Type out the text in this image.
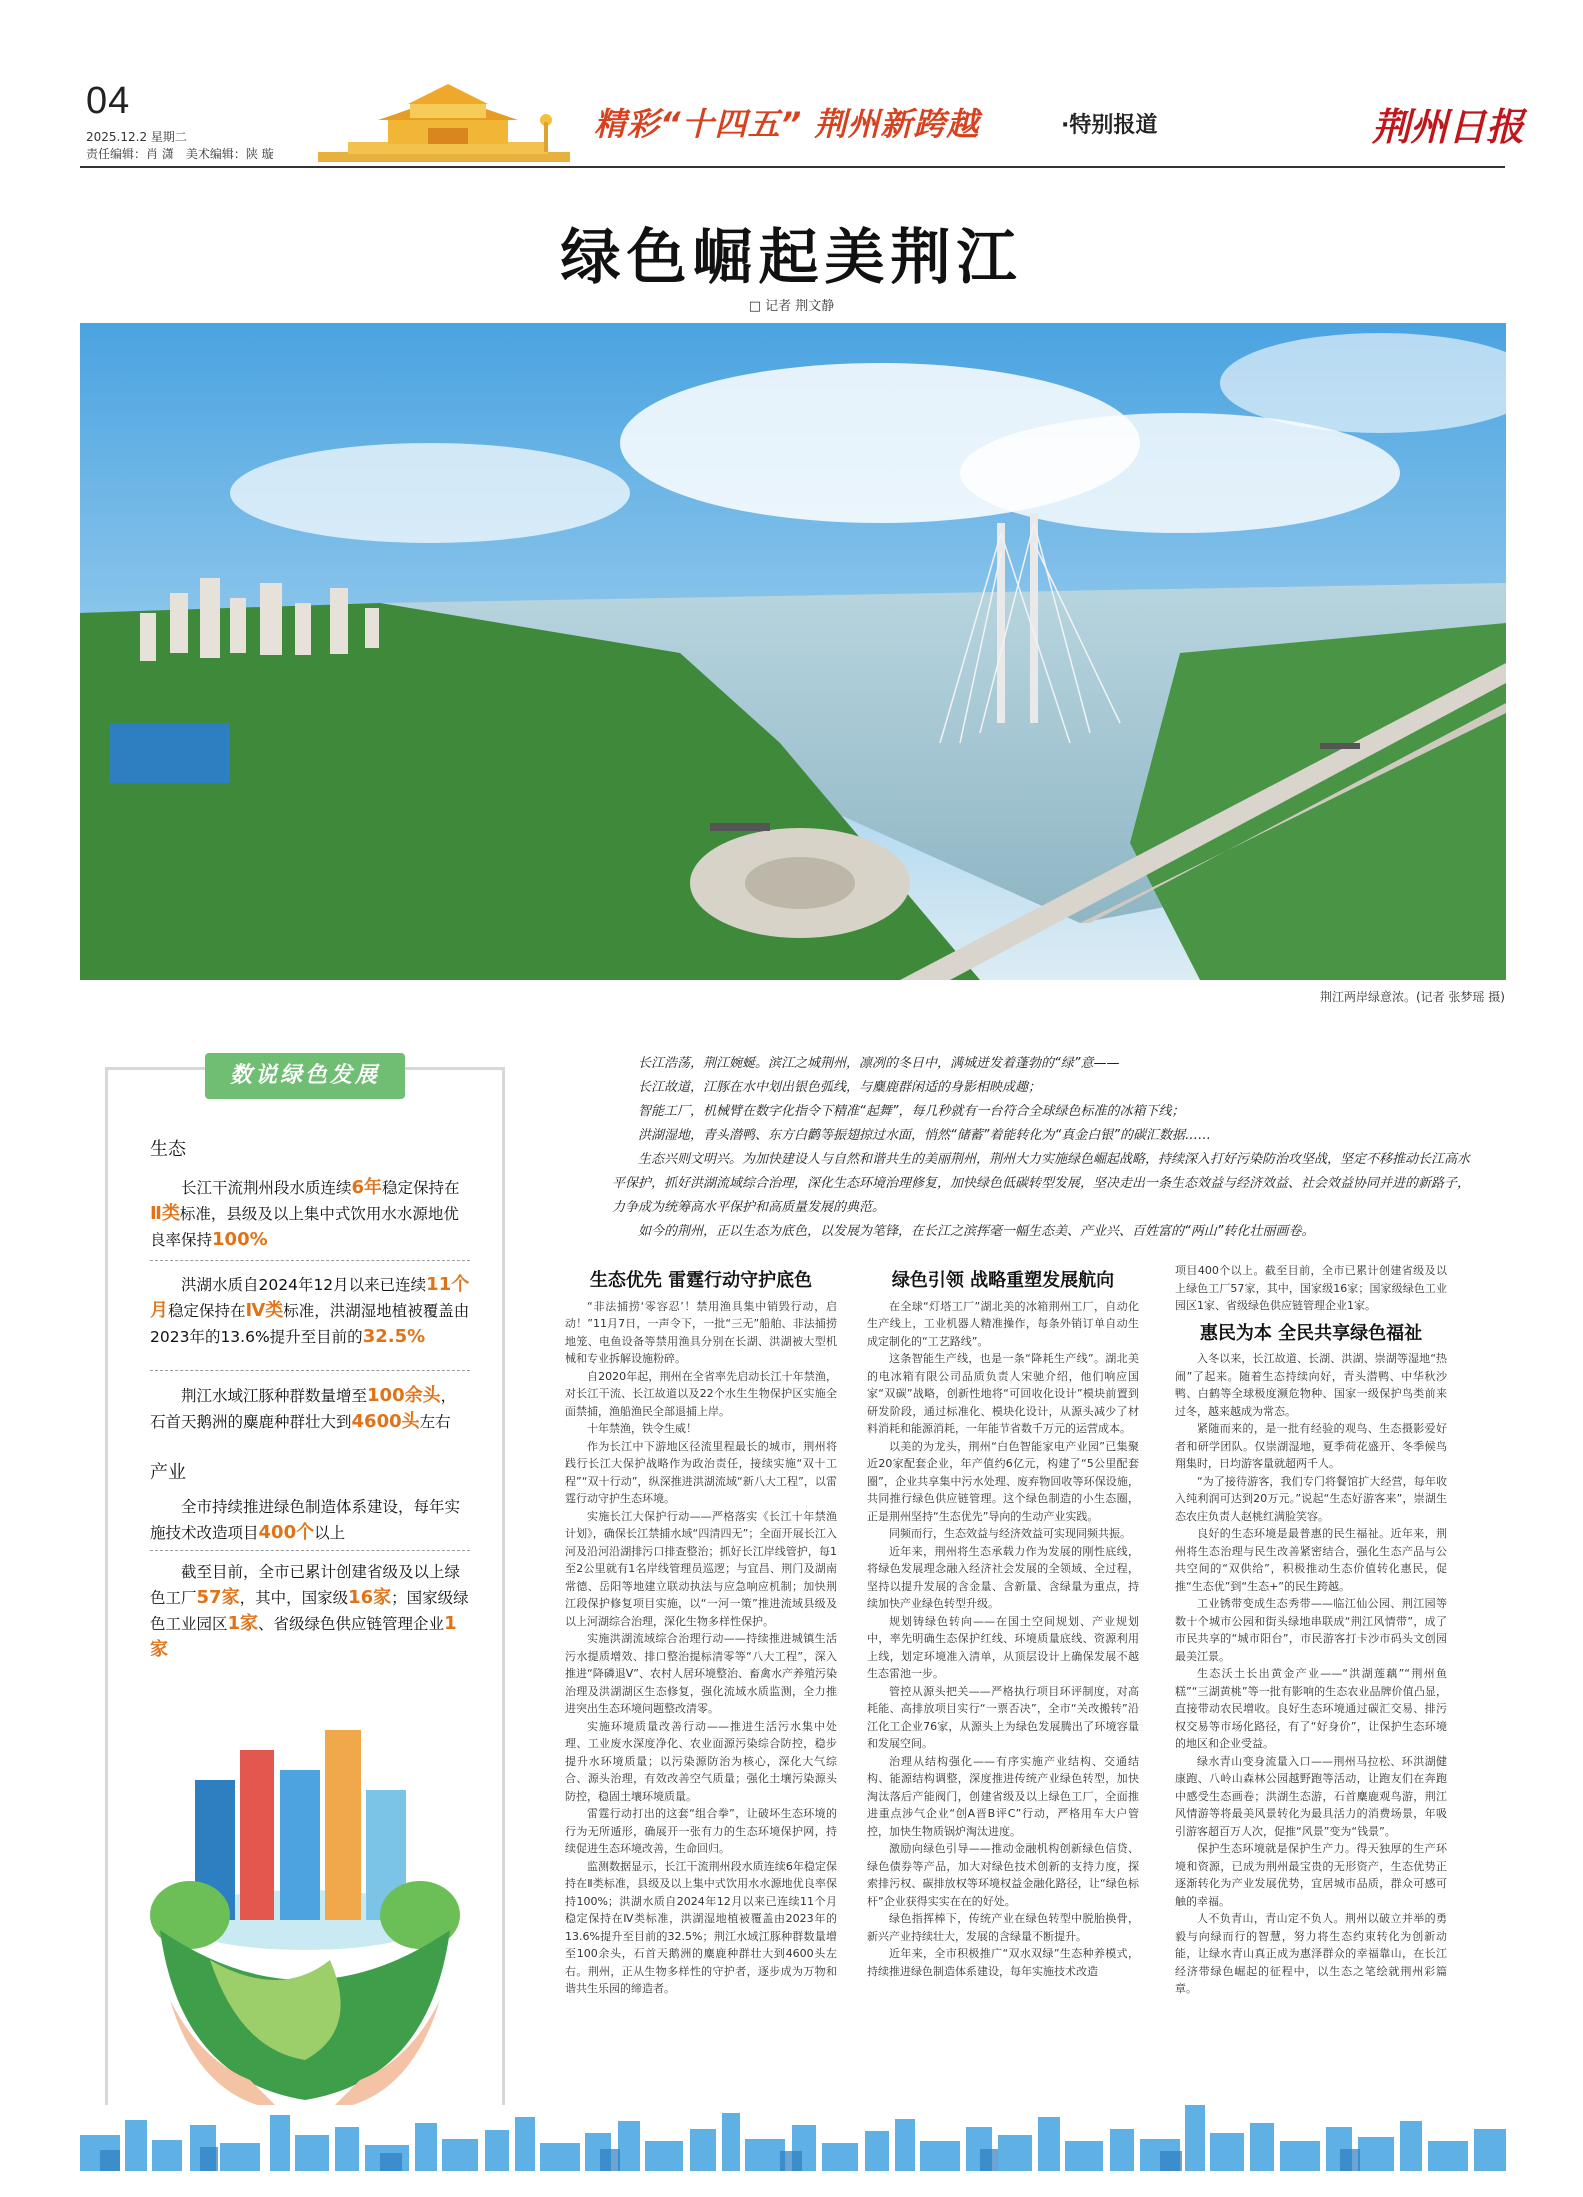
04
2025.12.2 星期二
责任编辑：肖 潇　美术编辑：陕 璇
精彩“十四五” 荆州新跨越	·特别报道	荆州日报
绿色崛起美荆江
□ 记者 荆文静
荆江两岸绿意浓。(记者 张梦瑶 摄)
数说绿色发展
生态
长江干流荆州段水质连续6年稳定保持在Ⅱ类标准，县级及以上集中式饮用水水源地优良率保持100%
洪湖水质自2024年12月以来已连续11个月稳定保持在Ⅳ类标准，洪湖湿地植被覆盖由2023年的13.6%提升至目前的32.5%
荆江水域江豚种群数量增至100余头，石首天鹅洲的麋鹿种群壮大到4600头左右
产业
全市持续推进绿色制造体系建设，每年实施技术改造项目400个以上
截至目前，全市已累计创建省级及以上绿色工厂57家，其中，国家级16家；国家级绿色工业园区1家、省级绿色供应链管理企业1家

长江浩荡，荆江婉蜒。滨江之城荆州，凛冽的冬日中，满城迸发着蓬勃的“绿”意——

长江故道，江豚在水中划出银色弧线，与麋鹿群闲适的身影相映成趣；

智能工厂，机械臂在数字化指令下精准“起舞”，每几秒就有一台符合全球绿色标准的冰箱下线；

洪湖湿地，青头潜鸭、东方白鹳等振翅掠过水面，悄然“储蓄”着能转化为“真金白银”的碳汇数据……

生态兴则文明兴。为加快建设人与自然和谐共生的美丽荆州，荆州大力实施绿色崛起战略，持续深入打好污染防治攻坚战，坚定不移推动长江高水平保护，抓好洪湖流域综合治理，深化生态环境治理修复，加快绿色低碳转型发展，坚决走出一条生态效益与经济效益、社会效益协同并进的新路子，力争成为统筹高水平保护和高质量发展的典范。

如今的荆州，正以生态为底色，以发展为笔锋，在长江之滨挥毫一幅生态美、产业兴、百姓富的“两山”转化壮丽画卷。

生态优先 雷霆行动守护底色

“非法捕捞‘零容忍’！禁用渔具集中销毁行动，启动！”11月7日，一声令下，一批“三无”船舶、非法捕捞地笼、电鱼设备等禁用渔具分别在长湖、洪湖被大型机械和专业拆解设施粉碎。

自2020年起，荆州在全省率先启动长江十年禁渔，对长江干流、长江故道以及22个水生生物保护区实施全面禁捕，渔船渔民全部退捕上岸。

十年禁渔，铁令生威！

作为长江中下游地区径流里程最长的城市，荆州将践行长江大保护战略作为政治责任，接续实施“双十工程”“双十行动”，纵深推进洪湖流域“新八大工程”，以雷霆行动守护生态环境。

实施长江大保护行动——严格落实《长江十年禁渔计划》，确保长江禁捕水域“四清四无”；全面开展长江入河及沿河沿湖排污口排查整治；抓好长江岸线管护，每1至2公里就有1名岸线管理员巡逻；与宜昌、荆门及湖南常德、岳阳等地建立联动执法与应急响应机制；加快荆江段保护修复项目实施，以“一河一策”推进流域县级及以上河湖综合治理，深化生物多样性保护。

实施洪湖流域综合治理行动——持续推进城镇生活污水提质增效、排口整治提标清零等“八大工程”，深入推进“降磷退Ⅴ”、农村人居环境整治、畜禽水产养殖污染治理及洪湖湖区生态修复，强化流域水质监测，全力推进突出生态环境问题整改清零。

实施环境质量改善行动——推进生活污水集中处理、工业废水深度净化、农业面源污染综合防控，稳步提升水环境质量；以污染源防治为核心，深化大气综合、源头治理，有效改善空气质量；强化土壤污染源头防控，稳固土壤环境质量。

雷霆行动打出的这套“组合拳”，让破坏生态环境的行为无所遁形，确展开一张有力的生态环境保护网，持续促进生态环境改善，生命回归。

监测数据显示，长江干流荆州段水质连续6年稳定保持在Ⅱ类标准，县级及以上集中式饮用水水源地优良率保持100%；洪湖水质自2024年12月以来已连续11个月稳定保持在Ⅳ类标准，洪湖湿地植被覆盖由2023年的13.6%提升至目前的32.5%；荆江水域江豚种群数量增至100余头，石首天鹅洲的麋鹿种群壮大到4600头左右。荆州，正从生物多样性的守护者，逐步成为万物和谐共生乐园的缔造者。

绿色引领 战略重塑发展航向

在全球“灯塔工厂”湖北美的冰箱荆州工厂，自动化生产线上，工业机器人精准操作，每条外销订单自动生成定制化的“工艺路线”。

这条智能生产线，也是一条“降耗生产线”。湖北美的电冰箱有限公司品质负责人宋驰介绍，他们响应国家“双碳”战略，创新性地将“可回收化设计”模块前置到研发阶段，通过标准化、模块化设计，从源头减少了材料消耗和能源消耗，一年能节省数千万元的运营成本。

以美的为龙头，荆州“白色智能家电产业园”已集聚近20家配套企业，年产值约6亿元，构建了“5公里配套圈”，企业共享集中污水处理、废弃物回收等环保设施，共同推行绿色供应链管理。这个绿色制造的小生态圈，正是荆州坚持“生态优先”导向的生动产业实践。

同频而行，生态效益与经济效益可实现同频共振。

近年来，荆州将生态承载力作为发展的刚性底线，将绿色发展理念融入经济社会发展的全领域、全过程，坚持以提升发展的含金量、含新量、含绿量为重点，持续加快产业绿色转型升级。

规划铸绿色转向——在国土空间规划、产业规划中，率先明确生态保护红线、环境质量底线、资源利用上线，划定环境准入清单，从顶层设计上确保发展不越生态雷池一步。

管控从源头把关——严格执行项目环评制度，对高耗能、高排放项目实行“一票否决”，全市“关改搬转”沿江化工企业76家，从源头上为绿色发展腾出了环境容量和发展空间。

治理从结构强化——有序实施产业结构、交通结构、能源结构调整，深度推进传统产业绿色转型，加快淘汰落后产能阀门，创建省级及以上绿色工厂，全面推进重点涉气企业“创A晋B评C”行动，严格用车大户管控，加快生物质锅炉淘汰进度。

激励向绿色引导——推动金融机构创新绿色信贷、绿色债券等产品，加大对绿色技术创新的支持力度，探索排污权、碳排放权等环境权益金融化路径，让“绿色标杆”企业获得实实在在的好处。

绿色指挥棒下，传统产业在绿色转型中脱胎换骨，新兴产业持续壮大，发展的含绿量不断提升。

近年来，全市积极推广“双水双绿”生态种养模式，持续推进绿色制造体系建设，每年实施技术改造

项目400个以上。截至目前，全市已累计创建省级及以上绿色工厂57家，其中，国家级16家；国家级绿色工业园区1家、省级绿色供应链管理企业1家。

惠民为本 全民共享绿色福祉

入冬以来，长江故道、长湖、洪湖、崇湖等湿地“热闹”了起来。随着生态持续向好，青头潜鸭、中华秋沙鸭、白鹤等全球极度濒危物种、国家一级保护鸟类前来过冬，越来越成为常态。

紧随而来的，是一批有经验的观鸟、生态摄影爱好者和研学团队。仅崇湖湿地，夏季荷花盛开、冬季候鸟翔集时，日均游客量就超两千人。

“为了接待游客，我们专门将餐馆扩大经营，每年收入纯利润可达到20万元。”说起“生态好游客来”，崇湖生态农庄负责人赵桃红满脸笑容。

良好的生态环境是最普惠的民生福祉。近年来，荆州将生态治理与民生改善紧密结合，强化生态产品与公共空间的“双供给”，积极推动生态价值转化惠民，促推“生态优”到“生态+”的民生跨越。

工业锈带变成生态秀带——临江仙公园、荆江园等数十个城市公园和街头绿地串联成“荆江风情带”，成了市民共享的“城市阳台”，市民游客打卡沙市码头文创园最美江景。

生态沃土长出黄金产业——“洪湖莲藕”“荆州鱼糕”“三湖黄桃”等一批有影响的生态农业品牌价值凸显，直接带动农民增收。良好生态环境通过碳汇交易、排污权交易等市场化路径，有了“好身价”，让保护生态环境的地区和企业受益。

绿水青山变身流量入口——荆州马拉松、环洪湖健康跑、八岭山森林公园越野跑等活动，让跑友们在奔跑中感受生态画卷；洪湖生态游，石首麋鹿观鸟游，荆江风情游等将最美风景转化为最具活力的消费场景，年吸引游客超百万人次，促推“风景”变为“钱景”。

保护生态环境就是保护生产力。得天独厚的生产环境和资源，已成为荆州最宝贵的无形资产，生态优势正逐渐转化为产业发展优势，宜居城市品质，群众可感可触的幸福。

人不负青山，青山定不负人。荆州以破立并举的勇毅与向绿而行的智慧，努力将生态约束转化为创新动能，让绿水青山真正成为惠泽群众的幸福靠山，在长江经济带绿色崛起的征程中，以生态之笔绘就荆州彩篇章。
